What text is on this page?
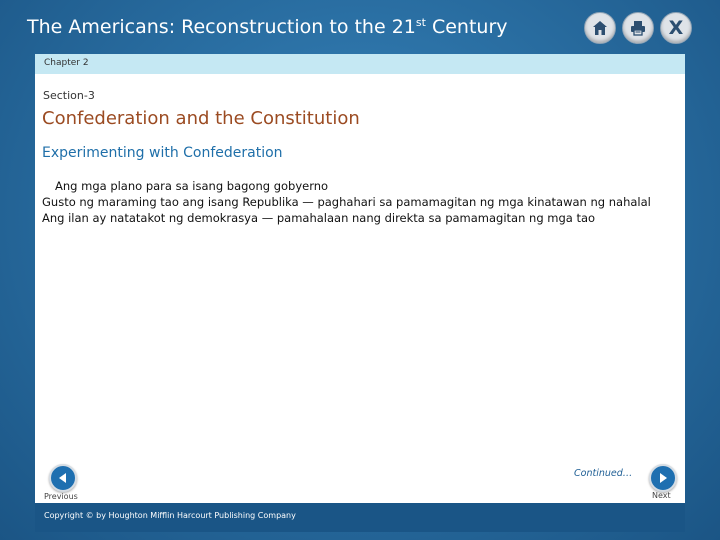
The Americans: Reconstruction to the 21st Century	X
Chapter 2
Section-3
Confederation and the Constitution
Experimenting with Confederation
Ang mga plano para sa isang bagong gobyerno
Gusto ng maraming tao ang isang Republika — paghahari sa pamamagitan ng mga kinatawan ng nahalal
Ang ilan ay natatakot ng demokrasya — pamahalaan nang direkta sa pamamagitan ng mga tao
Previous
Continued…
Next
Copyright © by Houghton Mifflin Harcourt Publishing Company
